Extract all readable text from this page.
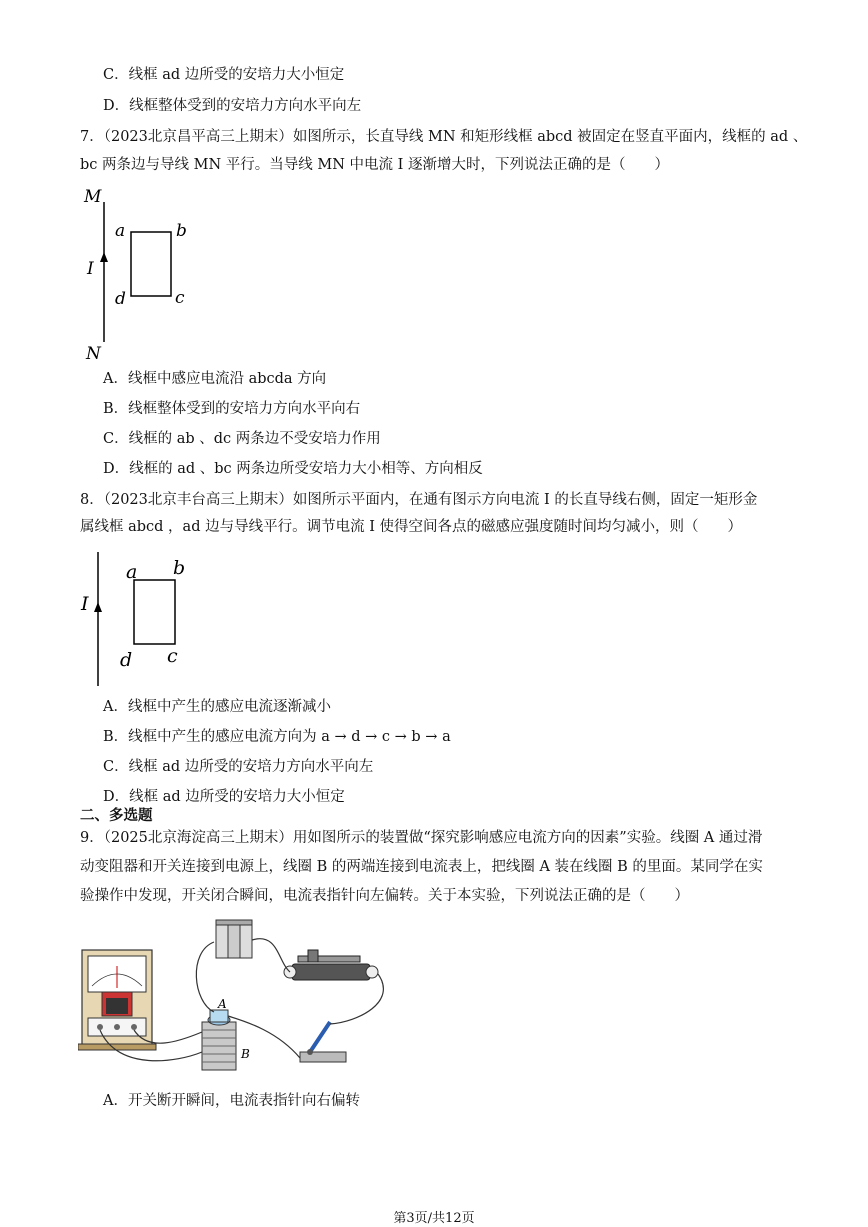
C．线框 ad 边所受的安培力大小恒定
D．线框整体受到的安培力方向水平向左
7．（2023北京昌平高三上期末）如图所示，长直导线 MN 和矩形线框 abcd 被固定在竖直平面内，线框的 ad 、
bc 两条边与导线 MN 平行。当导线 MN 中电流 I 逐渐增大时，下列说法正确的是（　　）
M
N
I
a	b
c
d
A．线框中感应电流沿 abcda 方向
B．线框整体受到的安培力方向水平向右
C．线框的 ab 、dc 两条边不受安培力作用
D．线框的 ad 、bc 两条边所受安培力大小相等、方向相反
8．（2023北京丰台高三上期末）如图所示平面内，在通有图示方向电流 I 的长直导线右侧，固定一矩形金
属线框 abcd ，ad 边与导线平行。调节电流 I 使得空间各点的磁感应强度随时间均匀减小，则（　　）
I
a b
c
d
A．线框中产生的感应电流逐渐减小
B．线框中产生的感应电流方向为 a → d → c → b → a
C．线框 ad 边所受的安培力方向水平向左
D．线框 ad 边所受的安培力大小恒定
二、多选题
9．（2025北京海淀高三上期末）用如图所示的装置做“探究影响感应电流方向的因素”实验。线圈 A 通过滑
动变阻器和开关连接到电源上，线圈 B 的两端连接到电流表上，把线圈 A 装在线圈 B 的里面。某同学在实
验操作中发现，开关闭合瞬间，电流表指针向左偏转。关于本实验，下列说法正确的是（　　）
A
B
A．开关断开瞬间，电流表指针向右偏转
第3页/共12页
